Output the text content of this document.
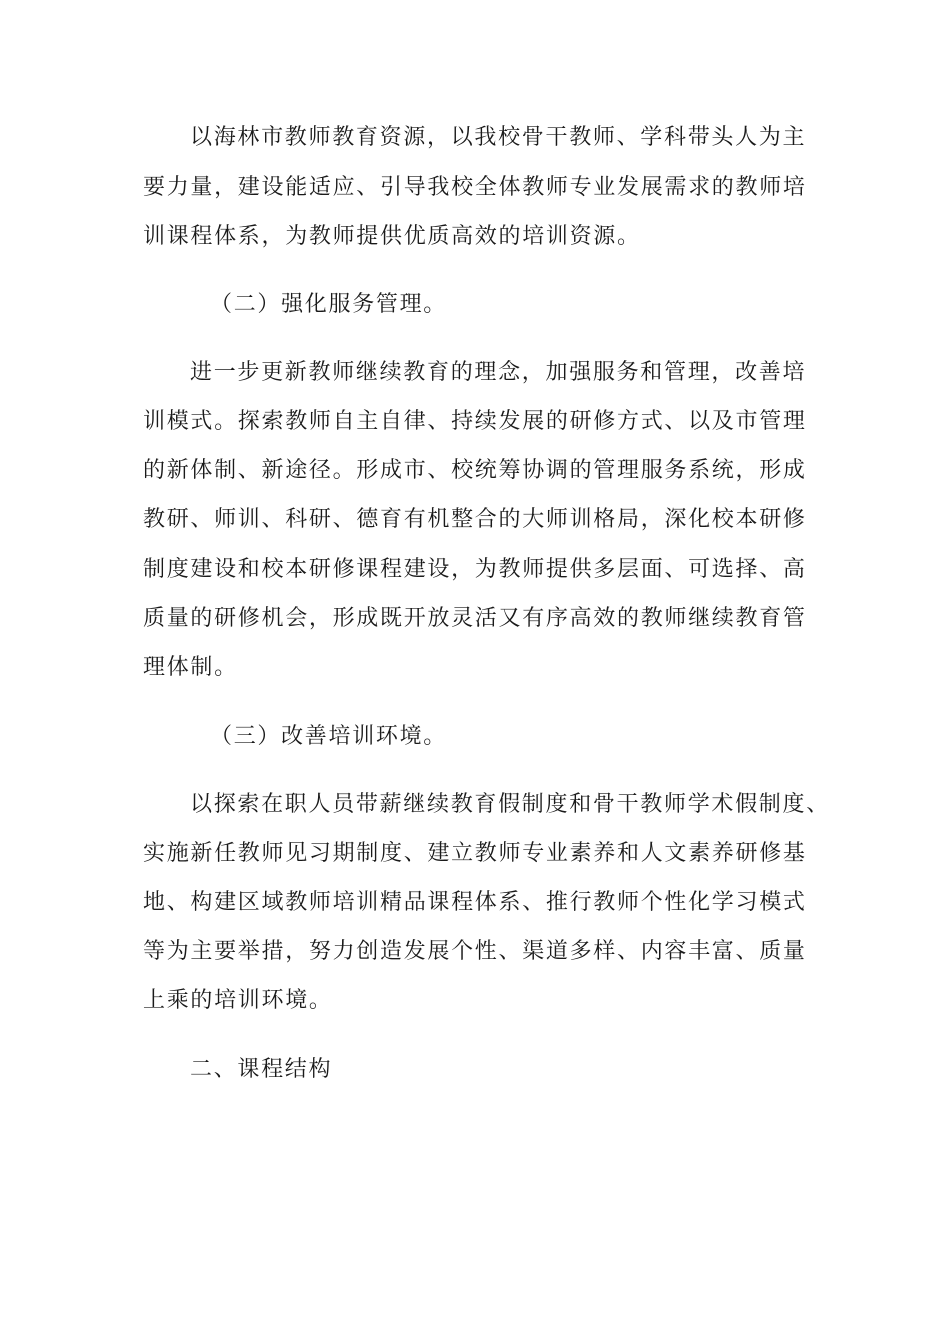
以海林市教师教育资源，以我校骨干教师、学科带头人为主
要力量，建设能适应、引导我校全体教师专业发展需求的教师培
训课程体系，为教师提供优质高效的培训资源。
（二）强化服务管理。
进一步更新教师继续教育的理念，加强服务和管理，改善培
训模式。探索教师自主自律、持续发展的研修方式、以及市管理
的新体制、新途径。形成市、校统筹协调的管理服务系统，形成
教研、师训、科研、德育有机整合的大师训格局，深化校本研修
制度建设和校本研修课程建设，为教师提供多层面、可选择、高
质量的研修机会，形成既开放灵活又有序高效的教师继续教育管
理体制。
（三）改善培训环境。
以探索在职人员带薪继续教育假制度和骨干教师学术假制度、
实施新任教师见习期制度、建立教师专业素养和人文素养研修基
地、构建区域教师培训精品课程体系、推行教师个性化学习模式
等为主要举措，努力创造发展个性、渠道多样、内容丰富、质量
上乘的培训环境。
二、课程结构
